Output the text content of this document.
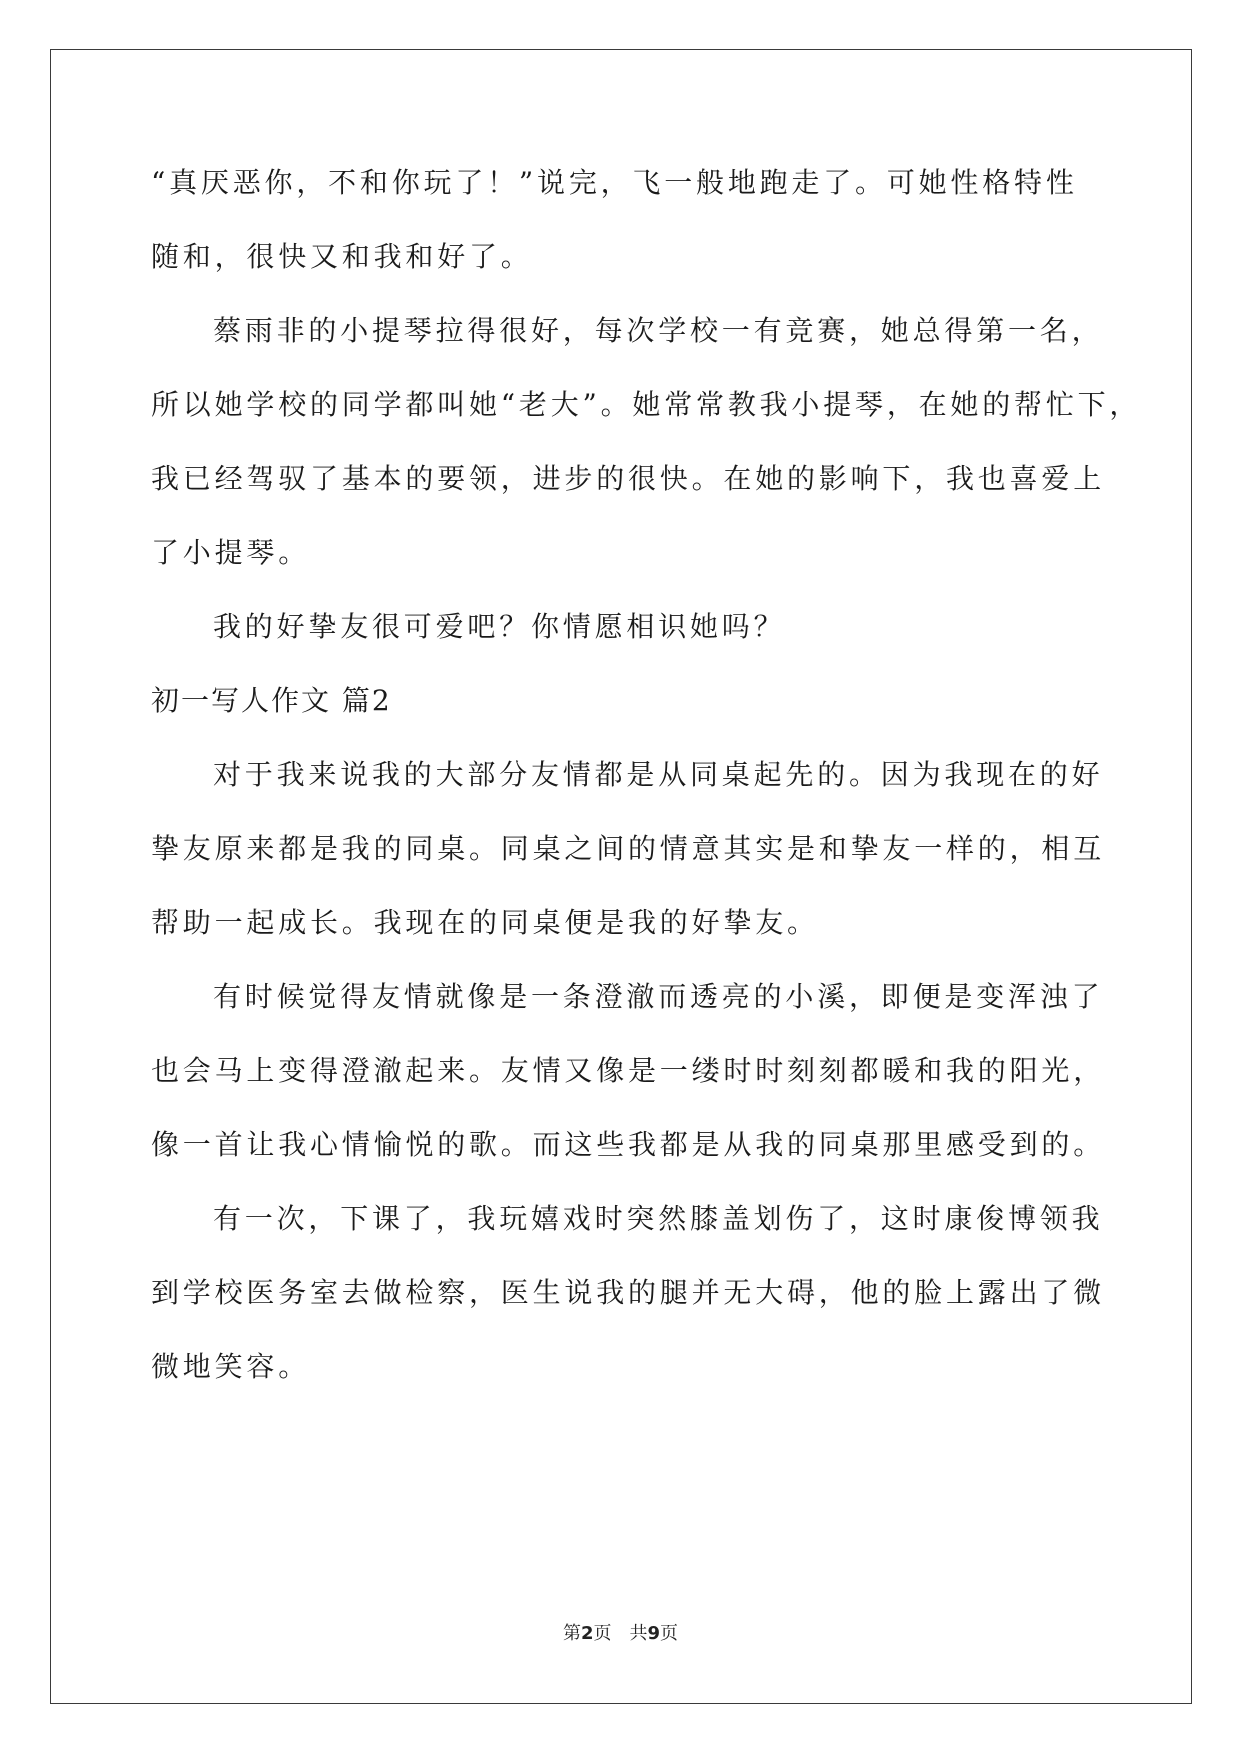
“真厌恶你，不和你玩了！”说完，飞一般地跑走了。可她性格特性
随和，很快又和我和好了。
蔡雨非的小提琴拉得很好，每次学校一有竞赛，她总得第一名，
所以她学校的同学都叫她“老大”。她常常教我小提琴，在她的帮忙下，
我已经驾驭了基本的要领，进步的很快。在她的影响下，我也喜爱上
了小提琴。
我的好挚友很可爱吧？你情愿相识她吗？
初一写人作文 篇2
对于我来说我的大部分友情都是从同桌起先的。因为我现在的好
挚友原来都是我的同桌。同桌之间的情意其实是和挚友一样的，相互
帮助一起成长。我现在的同桌便是我的好挚友。
有时候觉得友情就像是一条澄澈而透亮的小溪，即便是变浑浊了
也会马上变得澄澈起来。友情又像是一缕时时刻刻都暖和我的阳光，
像一首让我心情愉悦的歌。而这些我都是从我的同桌那里感受到的。
有一次，下课了，我玩嬉戏时突然膝盖划伤了，这时康俊博领我
到学校医务室去做检察，医生说我的腿并无大碍，他的脸上露出了微
微地笑容。
第2页 共9页
